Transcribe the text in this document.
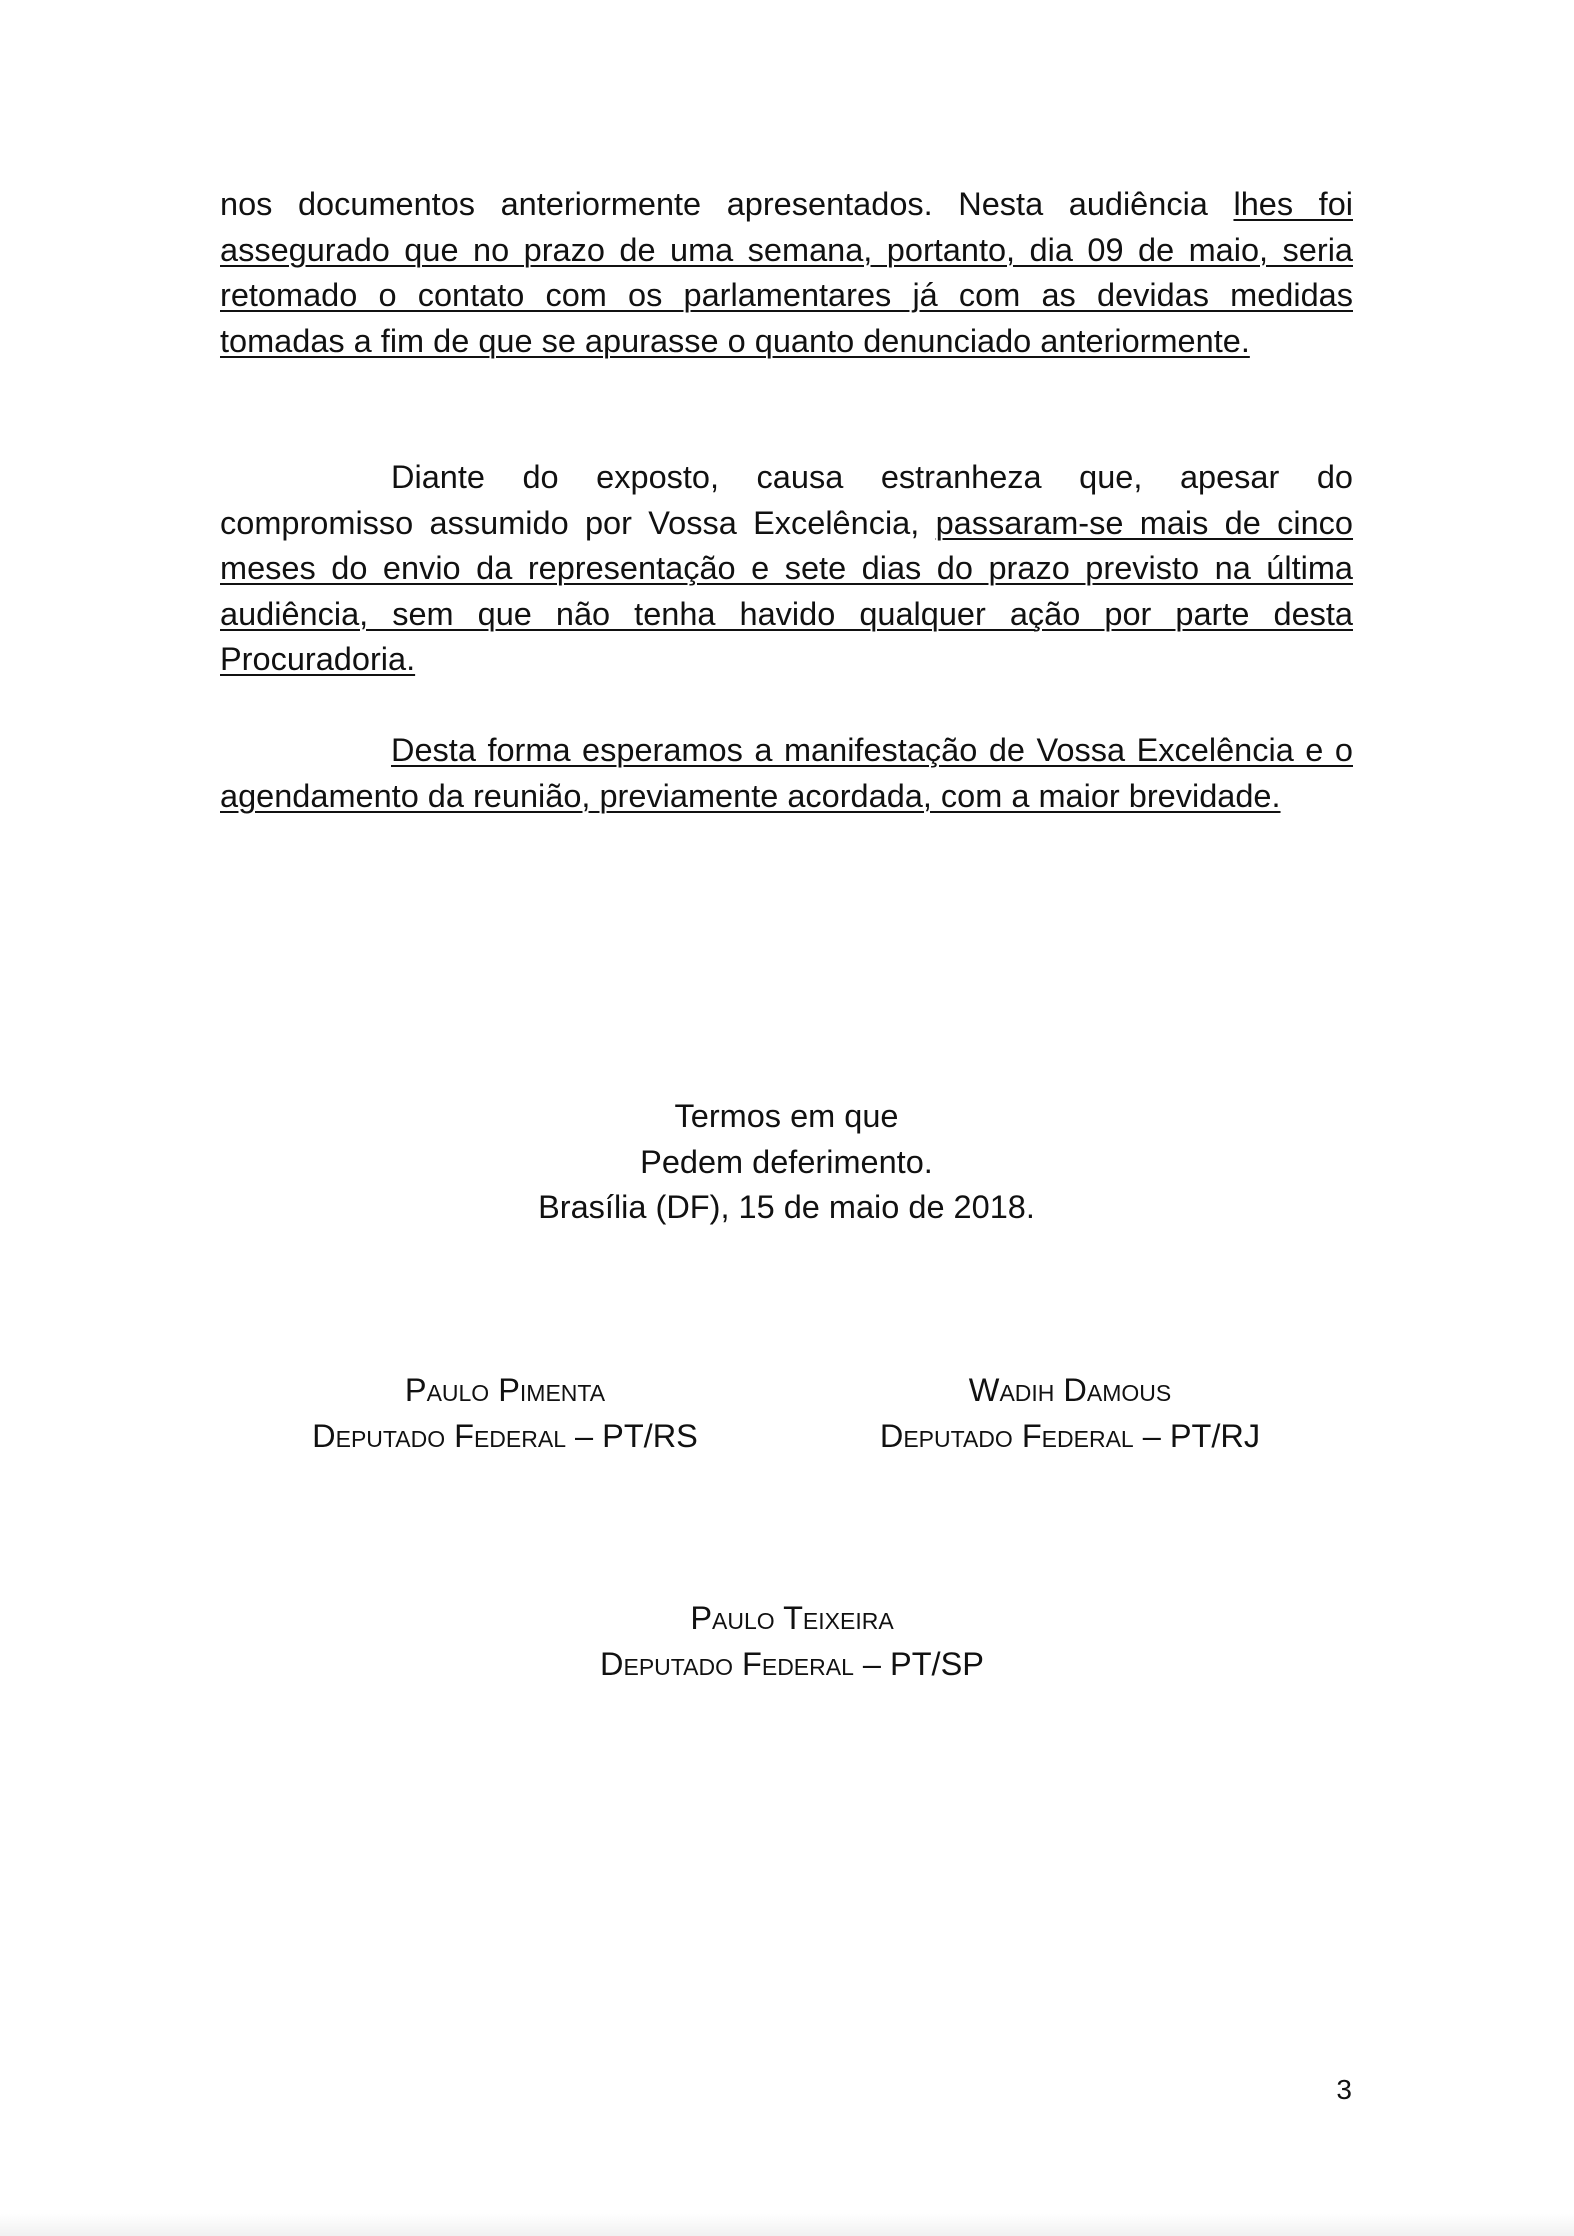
nos documentos anteriormente apresentados. Nesta audiência lhes foi assegurado que no prazo de uma semana, portanto, dia 09 de maio, seria retomado o contato com os parlamentares já com as devidas medidas tomadas a fim de que se apurasse o quanto denunciado anteriormente.

Diante do exposto, causa estranheza que, apesar do compromisso assumido por Vossa Excelência, passaram-se mais de cinco meses do envio da representação e sete dias do prazo previsto na última audiência, sem que não tenha havido qualquer ação por parte desta Procuradoria.

Desta forma esperamos a manifestação de Vossa Excelência e o agendamento da reunião, previamente acordada, com a maior brevidade.

Termos em que
Pedem deferimento.
Brasília (DF), 15 de maio de 2018.
Paulo Pimenta
Deputado Federal – PT/RS
Wadih Damous
Deputado Federal – PT/RJ
Paulo Teixeira
Deputado Federal – PT/SP
3
